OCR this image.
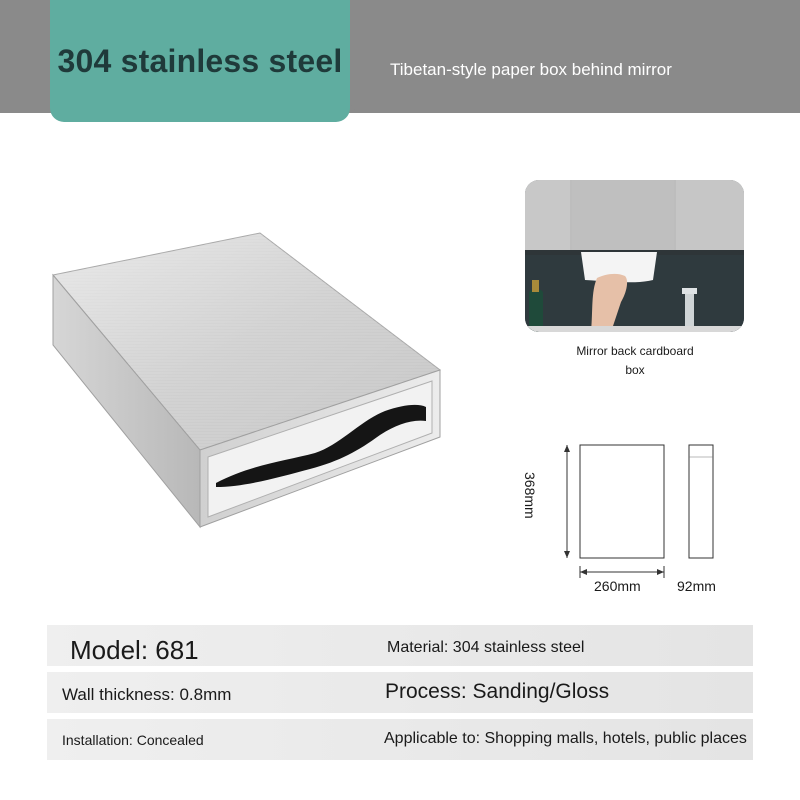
304 stainless steel	Tibetan-style paper box behind mirror
Mirror back cardboard
box
368mm
260mm	92mm
Model: 681	Material: 304 stainless steel
Wall thickness: 0.8mm	Process: Sanding/Gloss
Installation: Concealed	Applicable to: Shopping malls, hotels, public places
